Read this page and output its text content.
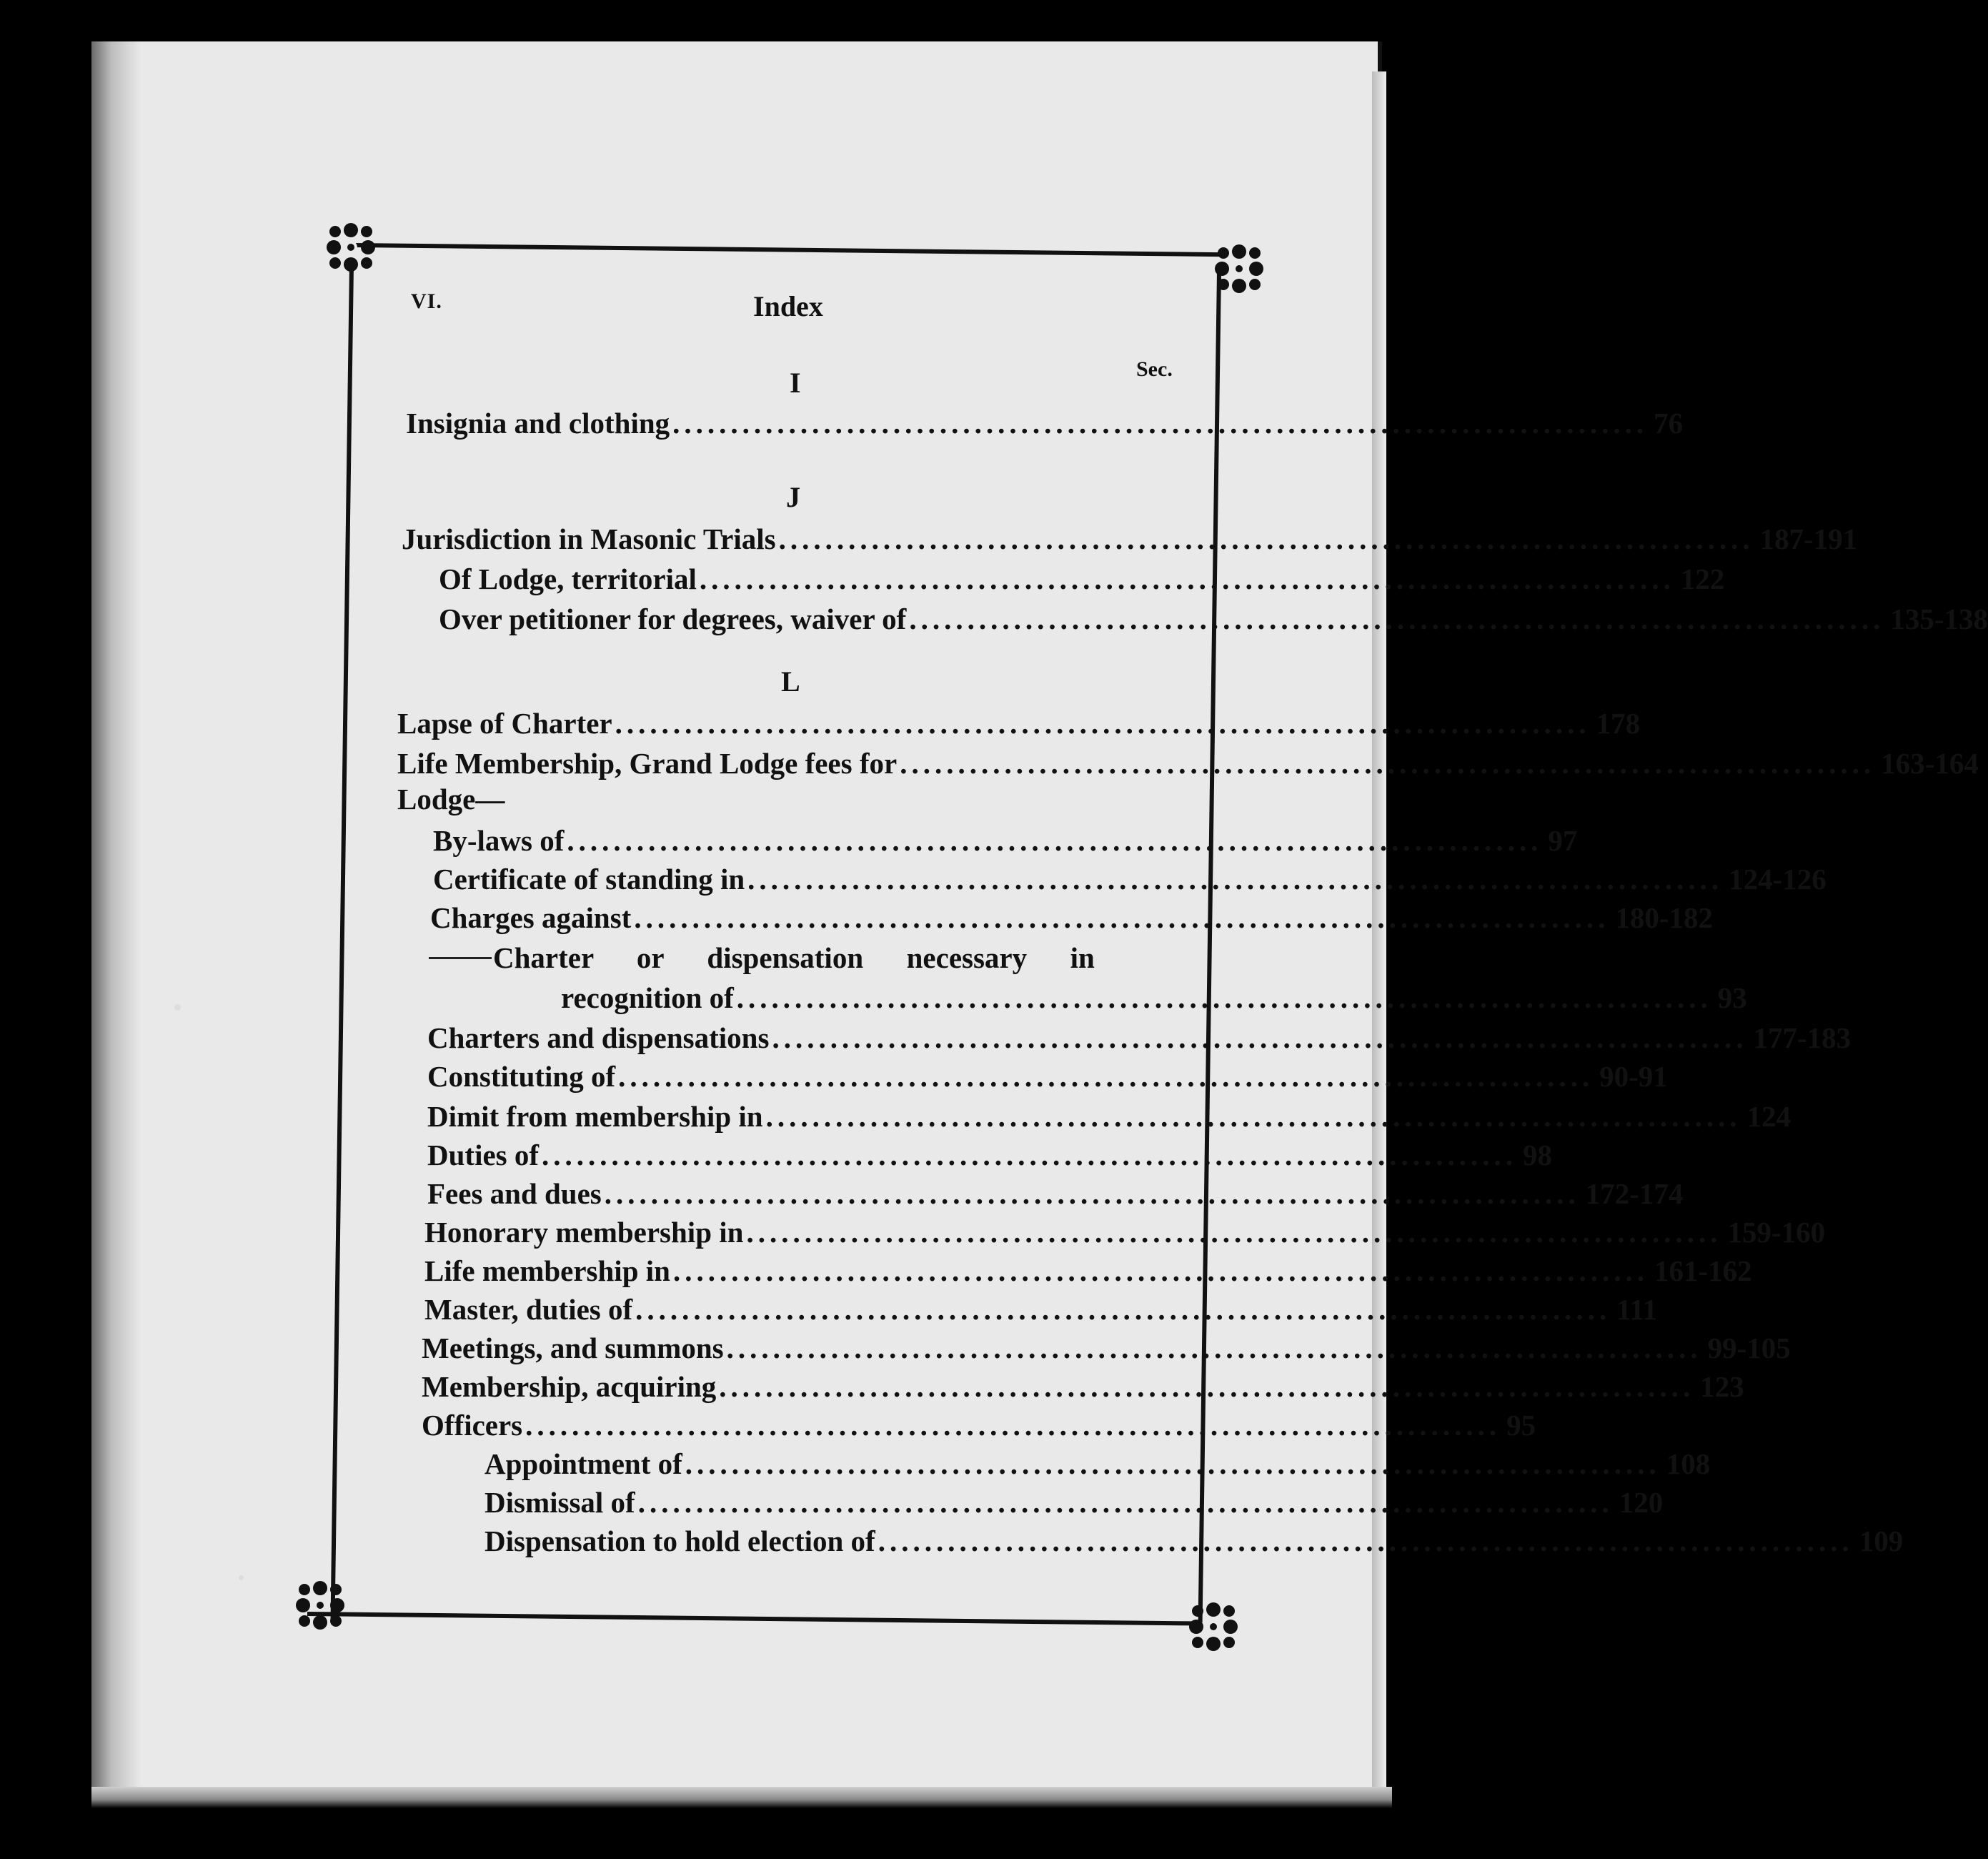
VI.	Index
Sec.
I
Insignia and clothing .................................................................................... 76
J
Jurisdiction in Masonic Trials .................................................................................... 187-191
Of Lodge, territorial .................................................................................... 122
Over petitioner for degrees, waiver of .................................................................................... 135-138
L
Lapse of Charter .................................................................................... 178
Life Membership, Grand Lodge fees for .................................................................................... 163-164
Lodge—
By-laws of .................................................................................... 97
Certificate of standing in .................................................................................... 124-126
Charges against .................................................................................... 180-182
Charter  or  dispensation  necessary  in
recognition of .................................................................................... 93
Charters and dispensations .................................................................................... 177-183
Constituting of .................................................................................... 90-91
Dimit from membership in .................................................................................... 124
Duties of .................................................................................... 98
Fees and dues .................................................................................... 172-174
Honorary membership in .................................................................................... 159-160
Life membership in .................................................................................... 161-162
Master, duties of .................................................................................... 111
Meetings, and summons .................................................................................... 99-105
Membership, acquiring .................................................................................... 123
Officers .................................................................................... 95
Appointment of .................................................................................... 108
Dismissal of .................................................................................... 120
Dispensation to hold election of .................................................................................... 109
